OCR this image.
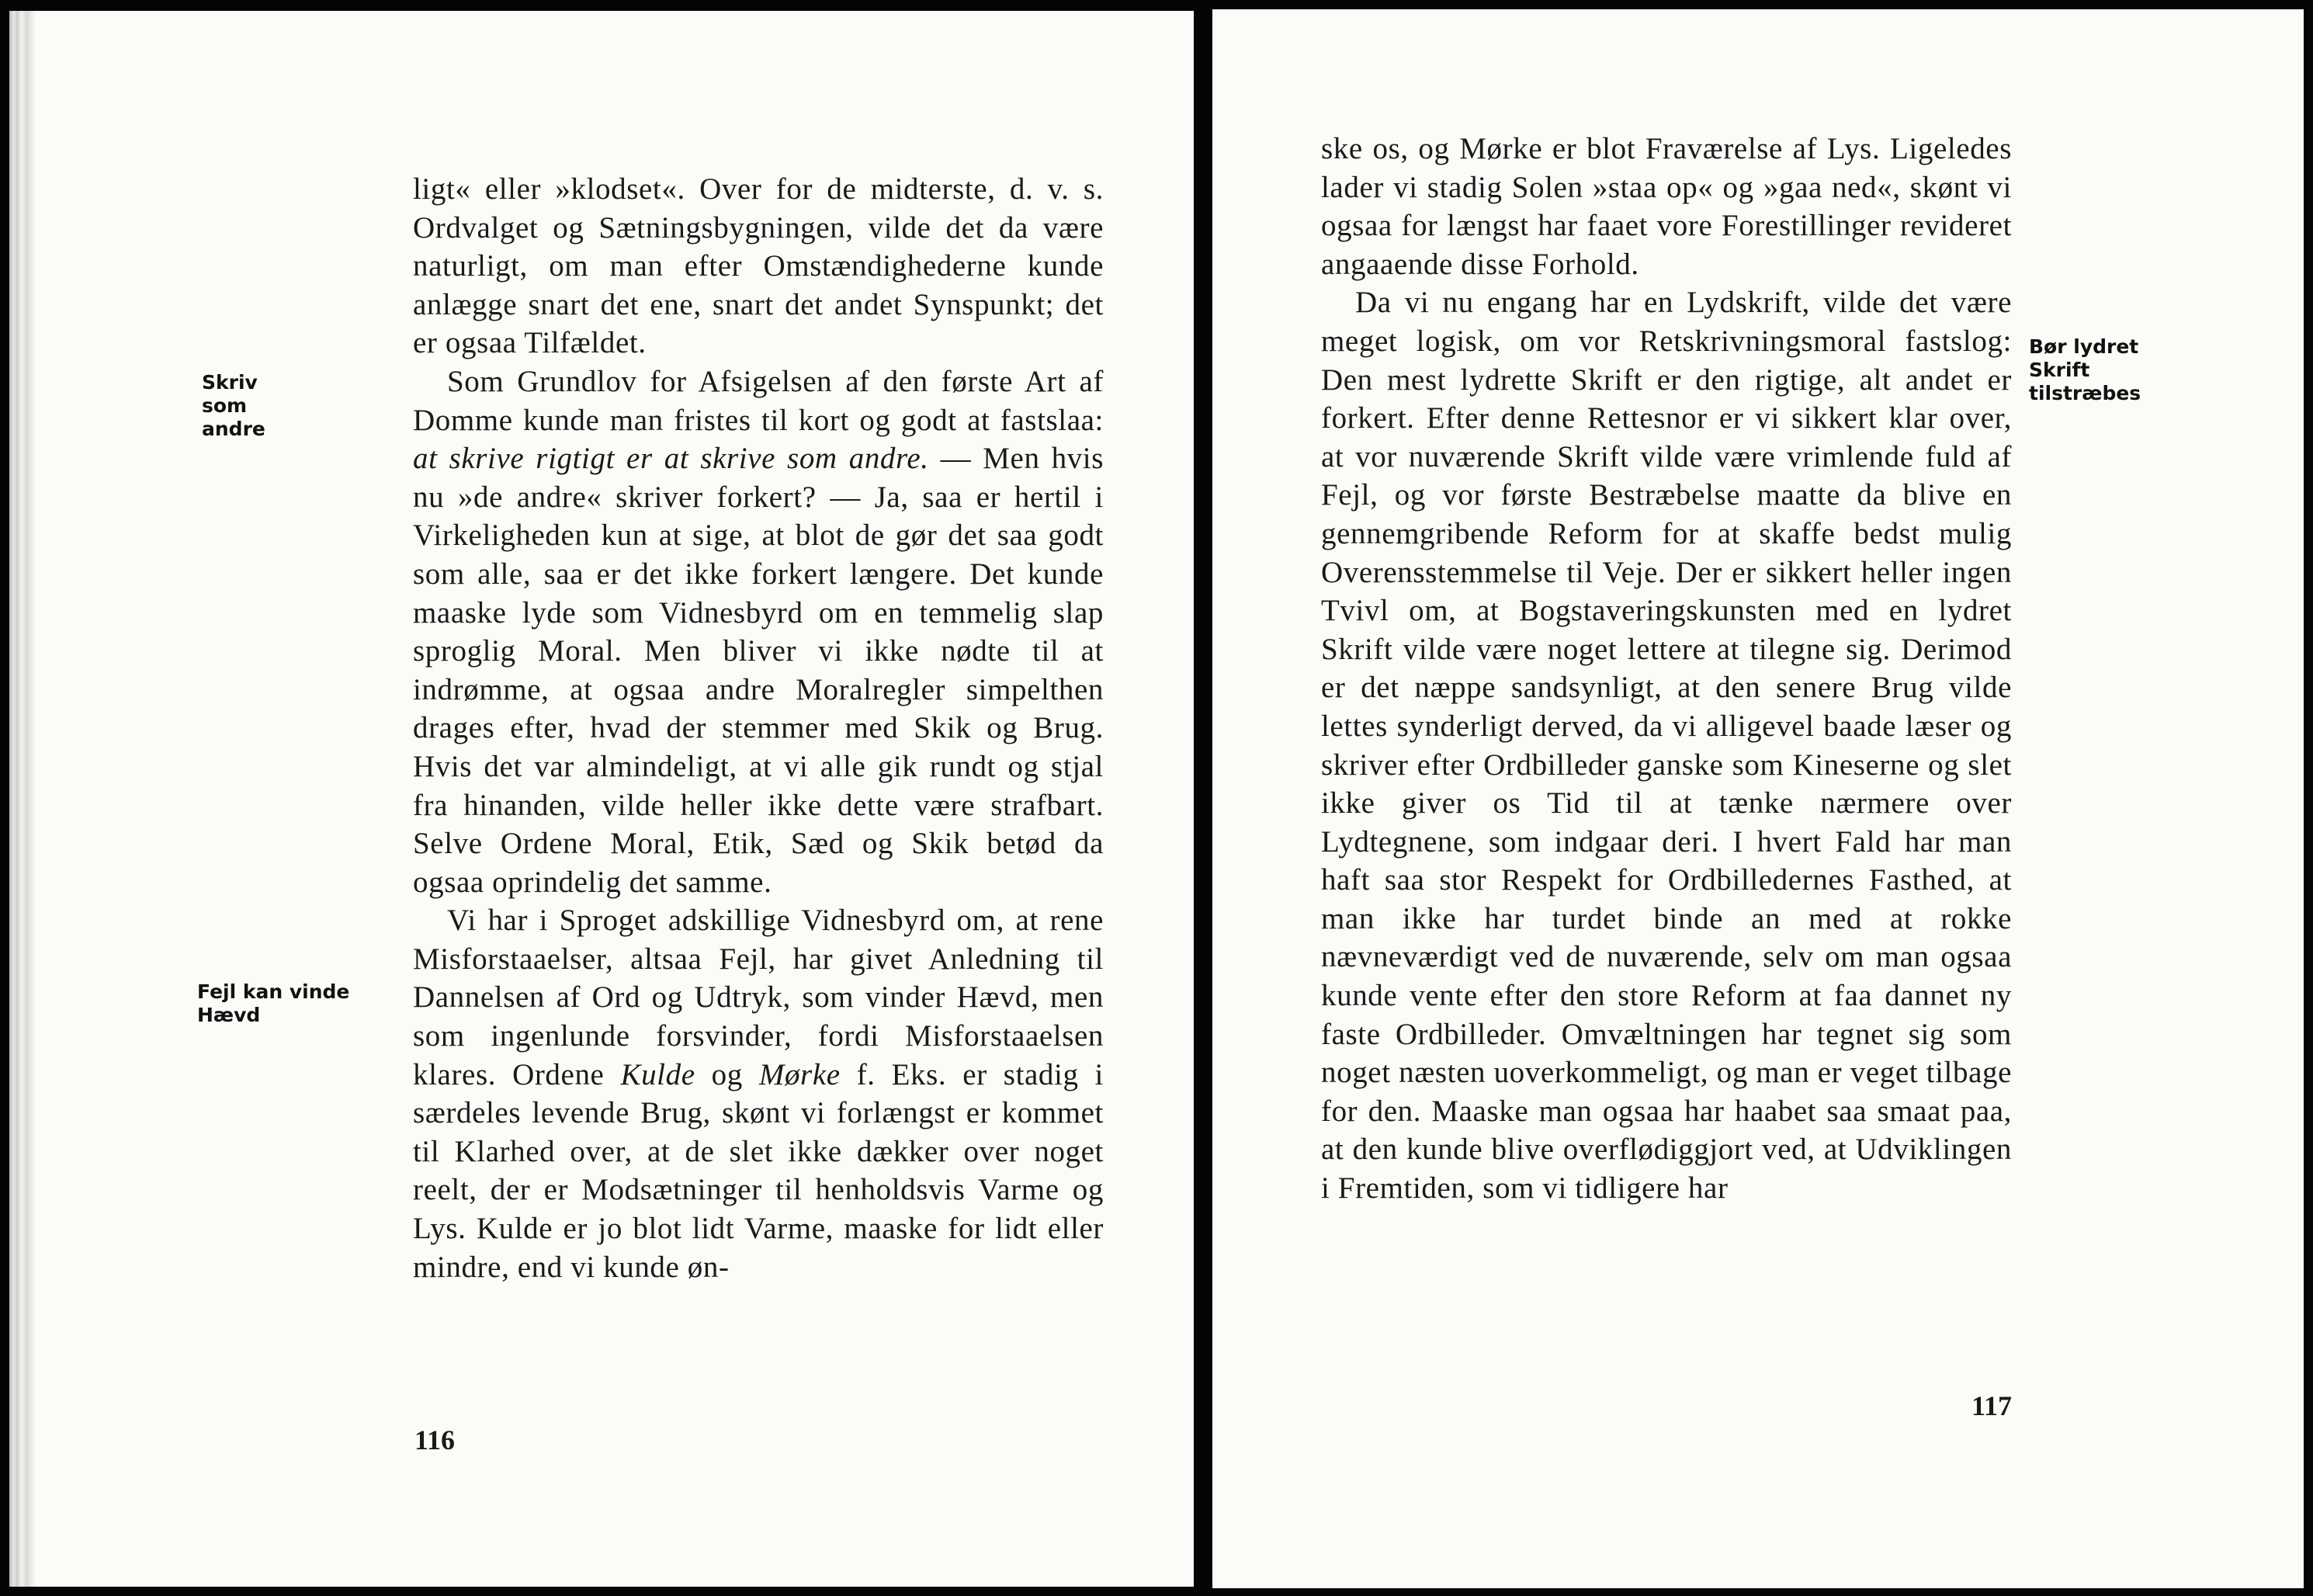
Skriv som andre
Fejl kan vinde Hævd

ligt« eller »klodset«. Over for de midterste, d. v. s. Ordvalget og Sætningsbygningen, vilde det da være naturligt, om man efter Omstændighederne kunde anlægge snart det ene, snart det andet Synspunkt; det er ogsaa Tilfældet.

Som Grundlov for Afsigelsen af den første Art af Domme kunde man fristes til kort og godt at fastslaa: at skrive rigtigt er at skrive som andre. — Men hvis nu »de andre« skriver forkert? — Ja, saa er hertil i Virkeligheden kun at sige, at blot de gør det saa godt som alle, saa er det ikke forkert længere. Det kunde maaske lyde som Vidnesbyrd om en temmelig slap sproglig Moral. Men bliver vi ikke nødte til at indrømme, at ogsaa andre Moralregler simpelthen drages efter, hvad der stemmer med Skik og Brug. Hvis det var almindeligt, at vi alle gik rundt og stjal fra hinanden, vilde heller ikke dette være strafbart. Selve Ordene Moral, Etik, Sæd og Skik betød da ogsaa oprindelig det samme.

Vi har i Sproget adskillige Vidnesbyrd om, at rene Misforstaaelser, altsaa Fejl, har givet Anledning til Dannelsen af Ord og Udtryk, som vinder Hævd, men som ingenlunde forsvinder, fordi Misforstaaelsen klares. Ordene Kulde og Mørke f. Eks. er stadig i særdeles levende Brug, skønt vi forlængst er kommet til Klarhed over, at de slet ikke dækker over noget reelt, der er Modsætninger til henholdsvis Varme og Lys. Kulde er jo blot lidt Varme, maaske for lidt eller mindre, end vi kunde øn-

116
Bør lydret Skrift tilstræbes

ske os, og Mørke er blot Fraværelse af Lys. Ligeledes lader vi stadig Solen »staa op« og »gaa ned«, skønt vi ogsaa for længst har faaet vore Forestillinger revideret angaaende disse Forhold.

Da vi nu engang har en Lydskrift, vilde det være meget logisk, om vor Retskrivningsmoral fastslog: Den mest lydrette Skrift er den rigtige, alt andet er forkert. Efter denne Rettesnor er vi sikkert klar over, at vor nuværende Skrift vilde være vrimlende fuld af Fejl, og vor første Bestræbelse maatte da blive en gennemgribende Reform for at skaffe bedst mulig Overensstemmelse til Veje. Der er sikkert heller ingen Tvivl om, at Bogstaveringskunsten med en lydret Skrift vilde være noget lettere at tilegne sig. Derimod er det næppe sandsynligt, at den senere Brug vilde lettes synderligt derved, da vi alligevel baade læser og skriver efter Ordbilleder ganske som Kineserne og slet ikke giver os Tid til at tænke nærmere over Lydtegnene, som indgaar deri. I hvert Fald har man haft saa stor Respekt for Ordbilledernes Fasthed, at man ikke har turdet binde an med at rokke nævneværdigt ved de nuværende, selv om man ogsaa kunde vente efter den store Reform at faa dannet ny faste Ordbilleder. Omvæltningen har tegnet sig som noget næsten uoverkommeligt, og man er veget tilbage for den. Maaske man ogsaa har haabet saa smaat paa, at den kunde blive overflødiggjort ved, at Udviklingen i Fremtiden, som vi tidligere har

117
